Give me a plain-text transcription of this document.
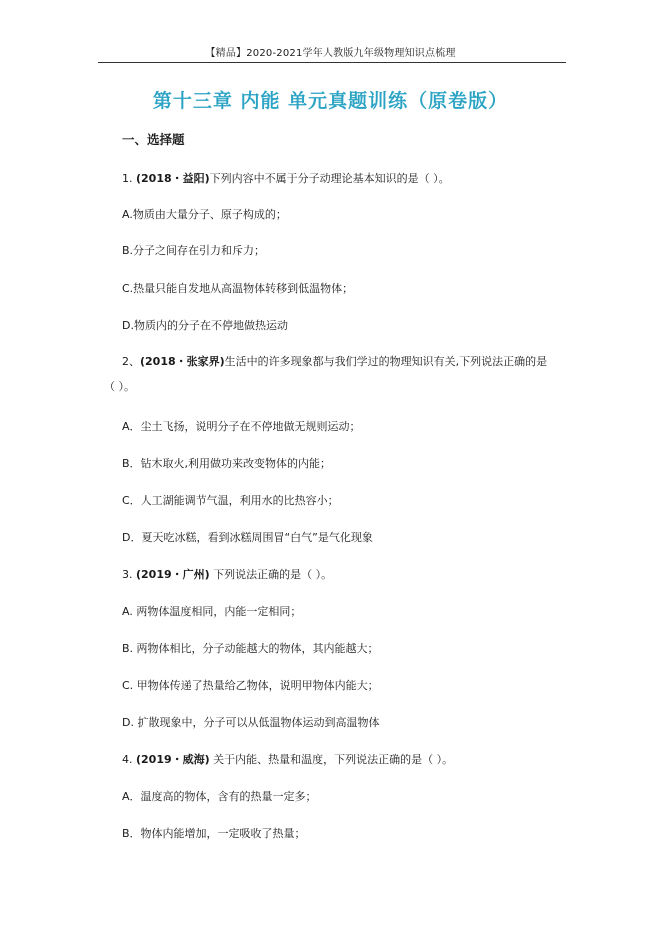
【精品】2020-2021学年人教版九年级物理知识点梳理
第十三章 内能 单元真题训练（原卷版）
一、选择题
1. (2018・益阳)下列内容中不属于分子动理论基本知识的是（ ）。
A.物质由大量分子、原子构成的；
B.分子之间存在引力和斥力；
C.热量只能自发地从高温物体转移到低温物体；
D.物质内的分子在不停地做热运动
2、(2018・张家界)生活中的许多现象都与我们学过的物理知识有关,下列说法正确的是
（ ）。
A．尘土飞扬，说明分子在不停地做无规则运动；
B．钻木取火,利用做功来改变物体的内能；
C．人工湖能调节气温，利用水的比热容小；
D．夏天吃冰糕，看到冰糕周围冒“白气”是气化现象
3. (2019・广州) 下列说法正确的是（ ）。
A. 两物体温度相同，内能一定相同；
B. 两物体相比，分子动能越大的物体，其内能越大；
C. 甲物体传递了热量给乙物体，说明甲物体内能大；
D. 扩散现象中，分子可以从低温物体运动到高温物体
4. (2019・威海) 关于内能、热量和温度，下列说法正确的是（ ）。
A．温度高的物体，含有的热量一定多；
B．物体内能增加，一定吸收了热量；
